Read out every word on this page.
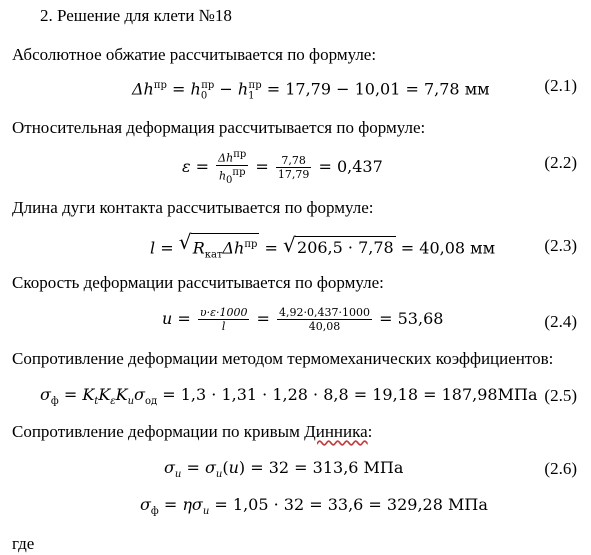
2. Решение для клети №18
Абсолютное обжатие рассчитывается по формуле:
$\Delta h^{пр} = h_0^{пр} - h_1^{пр} = 17,79 - 10,01 = 7,78$ мм	(2.1)
Относительная деформация рассчитывается по формуле:
$\varepsilon = \frac{\Delta h^{пр}}{h_0^{пр}} = \frac{7,78}{17,79} = 0,437$	(2.2)
Длина дуги контакта рассчитывается по формуле:
l = √ $R_{кат}\Delta h^{пр}$ = √ 206,5 · 7,78 = 40,08 мм	(2.3)
Скорость деформации рассчитывается по формуле:
$u = \frac{\upsilon\cdot\varepsilon\cdot 1000}{l} = \frac{4,92\cdot 0,437\cdot 1000}{40,08} = 53,68$	(2.4)
Сопротивление деформации методом термомеханических коэффициентов:
$\sigma_ф = K_tK_\varepsilon K_u\sigma_{од} = 1,3 \cdot 1,31 \cdot 1,28 \cdot 8,8 = 19,18 = 187,98МПа$ (2.5)
Сопротивление деформации по кривым Динника:
$\sigma_u = \sigma_u(u) = 32 = 313,6$ МПа	(2.6)
$\sigma_ф = \eta\sigma_u = 1,05 \cdot 32 = 33,6 = 329,28$ МПа
где
